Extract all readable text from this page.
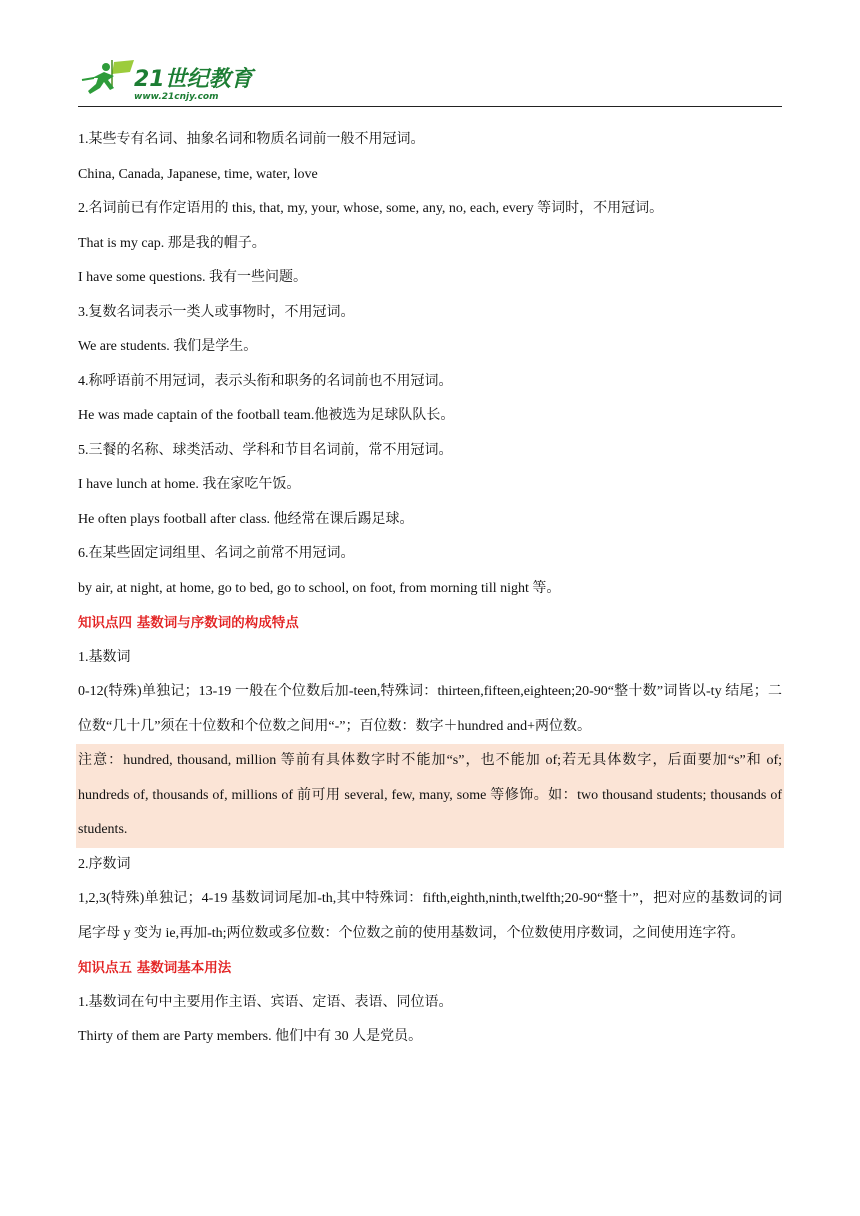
21世纪教育
www.21cnjy.com

1.某些专有名词、抽象名词和物质名词前一般不用冠词。

China, Canada, Japanese, time, water, love

2.名词前已有作定语用的 this, that, my, your, whose, some, any, no, each, every 等词时，不用冠词。

That is my cap. 那是我的帽子。

I have some questions. 我有一些问题。

3.复数名词表示一类人或事物时，不用冠词。

We are students. 我们是学生。

4.称呼语前不用冠词，表示头衔和职务的名词前也不用冠词。

He was made captain of the football team.他被选为足球队队长。

5.三餐的名称、球类活动、学科和节目名词前，常不用冠词。

I have lunch at home. 我在家吃午饭。

He often plays football after class. 他经常在课后踢足球。

6.在某些固定词组里、名词之前常不用冠词。

by air, at night, at home, go to bed, go to school, on foot, from morning till night 等。

知识点四 基数词与序数词的构成特点

1.基数词

0-12(特殊)单独记；13-19 一般在个位数后加-teen,特殊词：thirteen,fifteen,eighteen;20-90“整十数”词皆以-ty 结尾；二位数“几十几”须在十位数和个位数之间用“-”；百位数：数字＋hundred and+两位数。

注意：hundred, thousand, million 等前有具体数字时不能加“s”，也不能加 of;若无具体数字，后面要加“s”和 of; hundreds of, thousands of, millions of 前可用 several, few, many, some 等修饰。如：two thousand students; thousands of students.

2.序数词

1,2,3(特殊)单独记；4-19 基数词词尾加-th,其中特殊词：fifth,eighth,ninth,twelfth;20-90“整十”，把对应的基数词的词尾字母 y 变为 ie,再加-th;两位数或多位数：个位数之前的使用基数词，个位数使用序数词，之间使用连字符。

知识点五 基数词基本用法

1.基数词在句中主要用作主语、宾语、定语、表语、同位语。

Thirty of them are Party members. 他们中有 30 人是党员。
